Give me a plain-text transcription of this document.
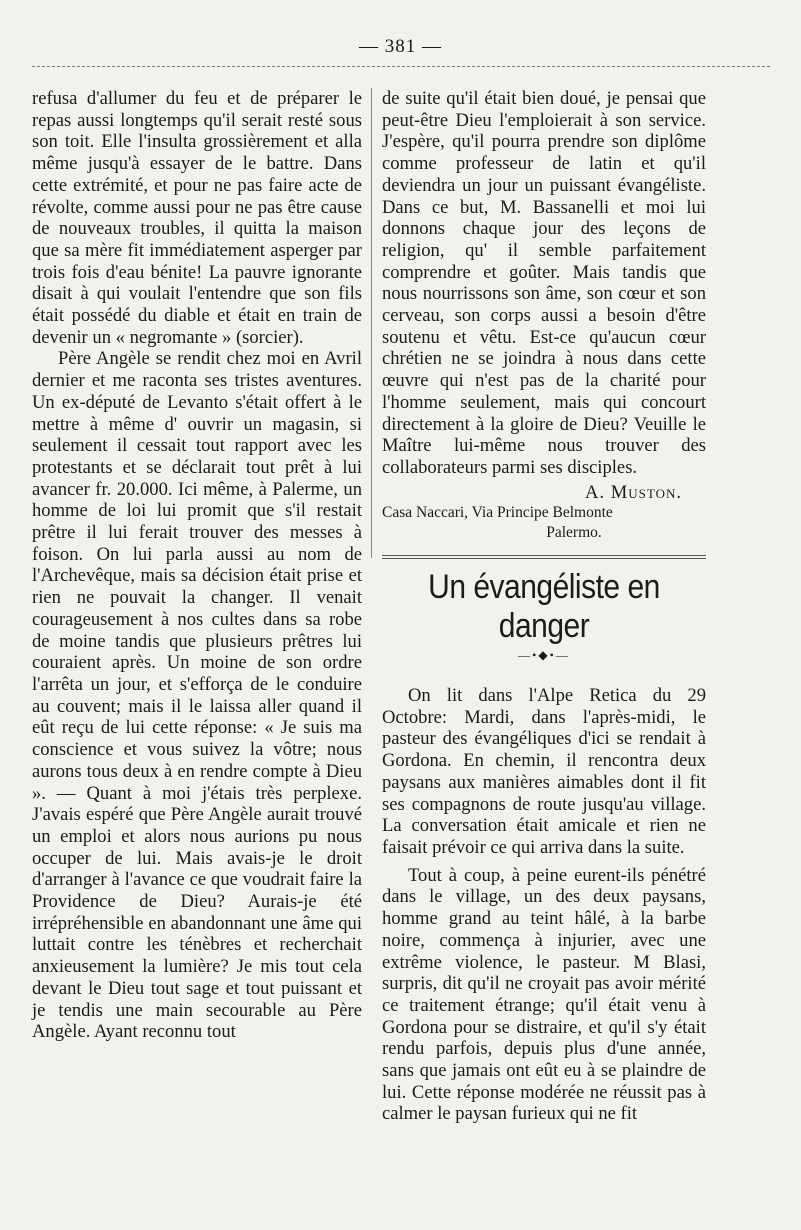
— 381 —

refusa d'allumer du feu et de préparer le repas aussi longtemps qu'il serait resté sous son toit. Elle l'insulta grossièrement et alla même jusqu'à essayer de le battre. Dans cette extrémité, et pour ne pas faire acte de révolte, comme aussi pour ne pas être cause de nouveaux troubles, il quitta la maison que sa mère fit immédiatement asperger par trois fois d'eau bénite! La pauvre ignorante disait à qui voulait l'entendre que son fils était possédé du diable et était en train de devenir un « negromante » (sorcier).

Père Angèle se rendit chez moi en Avril dernier et me raconta ses tristes aventures. Un ex-député de Levanto s'était offert à le mettre à même d' ouvrir un magasin, si seulement il cessait tout rapport avec les protestants et se déclarait tout prêt à lui avancer fr. 20.000. Ici même, à Palerme, un homme de loi lui promit que s'il restait prêtre il lui ferait trouver des messes à foison. On lui parla aussi au nom de l'Archevêque, mais sa décision était prise et rien ne pouvait la changer. Il venait courageusement à nos cultes dans sa robe de moine tandis que plusieurs prêtres lui couraient après. Un moine de son ordre l'arrêta un jour, et s'efforça de le conduire au couvent; mais il le laissa aller quand il eût reçu de lui cette réponse: « Je suis ma conscience et vous suivez la vôtre; nous aurons tous deux à en rendre compte à Dieu ». — Quant à moi j'étais très perplexe. J'avais espéré que Père Angèle aurait trouvé un emploi et alors nous aurions pu nous occuper de lui. Mais avais-je le droit d'arranger à l'avance ce que voudrait faire la Providence de Dieu? Aurais-je été irrépréhensible en abandonnant une âme qui luttait contre les ténèbres et recherchait anxieusement la lumière? Je mis tout cela devant le Dieu tout sage et tout puissant et je tendis une main secourable au Père Angèle. Ayant reconnu tout

de suite qu'il était bien doué, je pensai que peut-être Dieu l'emploierait à son service. J'espère, qu'il pourra prendre son diplôme comme professeur de latin et qu'il deviendra un jour un puissant évangéliste. Dans ce but, M. Bassanelli et moi lui donnons chaque jour des leçons de religion, qu' il semble parfaitement comprendre et goûter. Mais tandis que nous nourrissons son âme, son cœur et son cerveau, son corps aussi a besoin d'être soutenu et vêtu. Est-ce qu'aucun cœur chrétien ne se joindra à nous dans cette œuvre qui n'est pas de la charité pour l'homme seulement, mais qui concourt directement à la gloire de Dieu? Veuille le Maître lui-même nous trouver des collaborateurs parmi ses disciples.

A. Muston.

Casa Naccari, Via Principe Belmonte

Palermo.

Un évangéliste en danger

—•◆•—

On lit dans l'Alpe Retica du 29 Octobre: Mardi, dans l'après-midi, le pasteur des évangéliques d'ici se rendait à Gordona. En chemin, il rencontra deux paysans aux manières aimables dont il fit ses compagnons de route jusqu'au village. La conversation était amicale et rien ne faisait prévoir ce qui arriva dans la suite.

Tout à coup, à peine eurent-ils pénétré dans le village, un des deux paysans, homme grand au teint hâlé, à la barbe noire, commença à injurier, avec une extrême violence, le pasteur. M Blasi, surpris, dit qu'il ne croyait pas avoir mérité ce traitement étrange; qu'il était venu à Gordona pour se distraire, et qu'il s'y était rendu parfois, depuis plus d'une année, sans que jamais ont eût eu à se plaindre de lui. Cette réponse modérée ne réussit pas à calmer le paysan furieux qui ne fit
